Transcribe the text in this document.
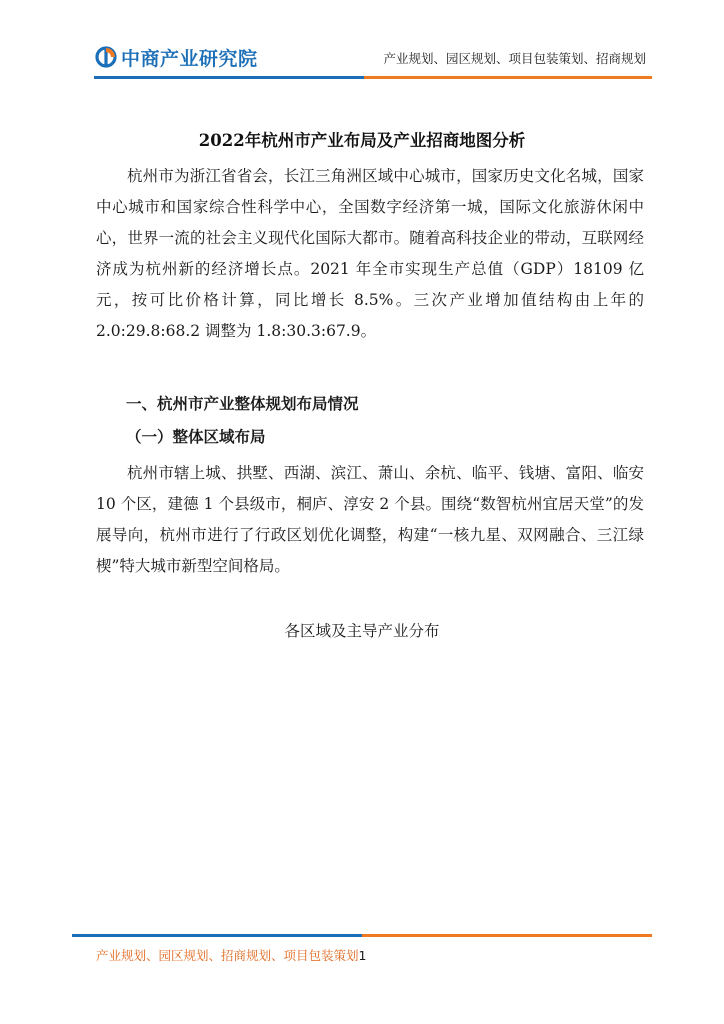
中商产业研究院	产业规划、园区规划、项目包装策划、招商规划
2022年杭州市产业布局及产业招商地图分析

杭州市为浙江省省会，长江三角洲区域中心城市，国家历史文化名城，国家中心城市和国家综合性科学中心，全国数字经济第一城，国际文化旅游休闲中心，世界一流的社会主义现代化国际大都市。随着高科技企业的带动，互联网经济成为杭州新的经济增长点。2021 年全市实现生产总值（GDP）18109 亿元，按可比价格计算，同比增长 8.5%。三次产业增加值结构由上年的 2.0:29.8:68.2 调整为 1.8:30.3:67.9。

一、杭州市产业整体规划布局情况
（一）整体区域布局

杭州市辖上城、拱墅、西湖、滨江、萧山、余杭、临平、钱塘、富阳、临安 10 个区，建德 1 个县级市，桐庐、淳安 2 个县。围绕“数智杭州宜居天堂”的发展导向，杭州市进行了行政区划优化调整，构建“一核九星、双网融合、三江绿楔”特大城市新型空间格局。

各区域及主导产业分布
产业规划、园区规划、招商规划、项目包装策划1
